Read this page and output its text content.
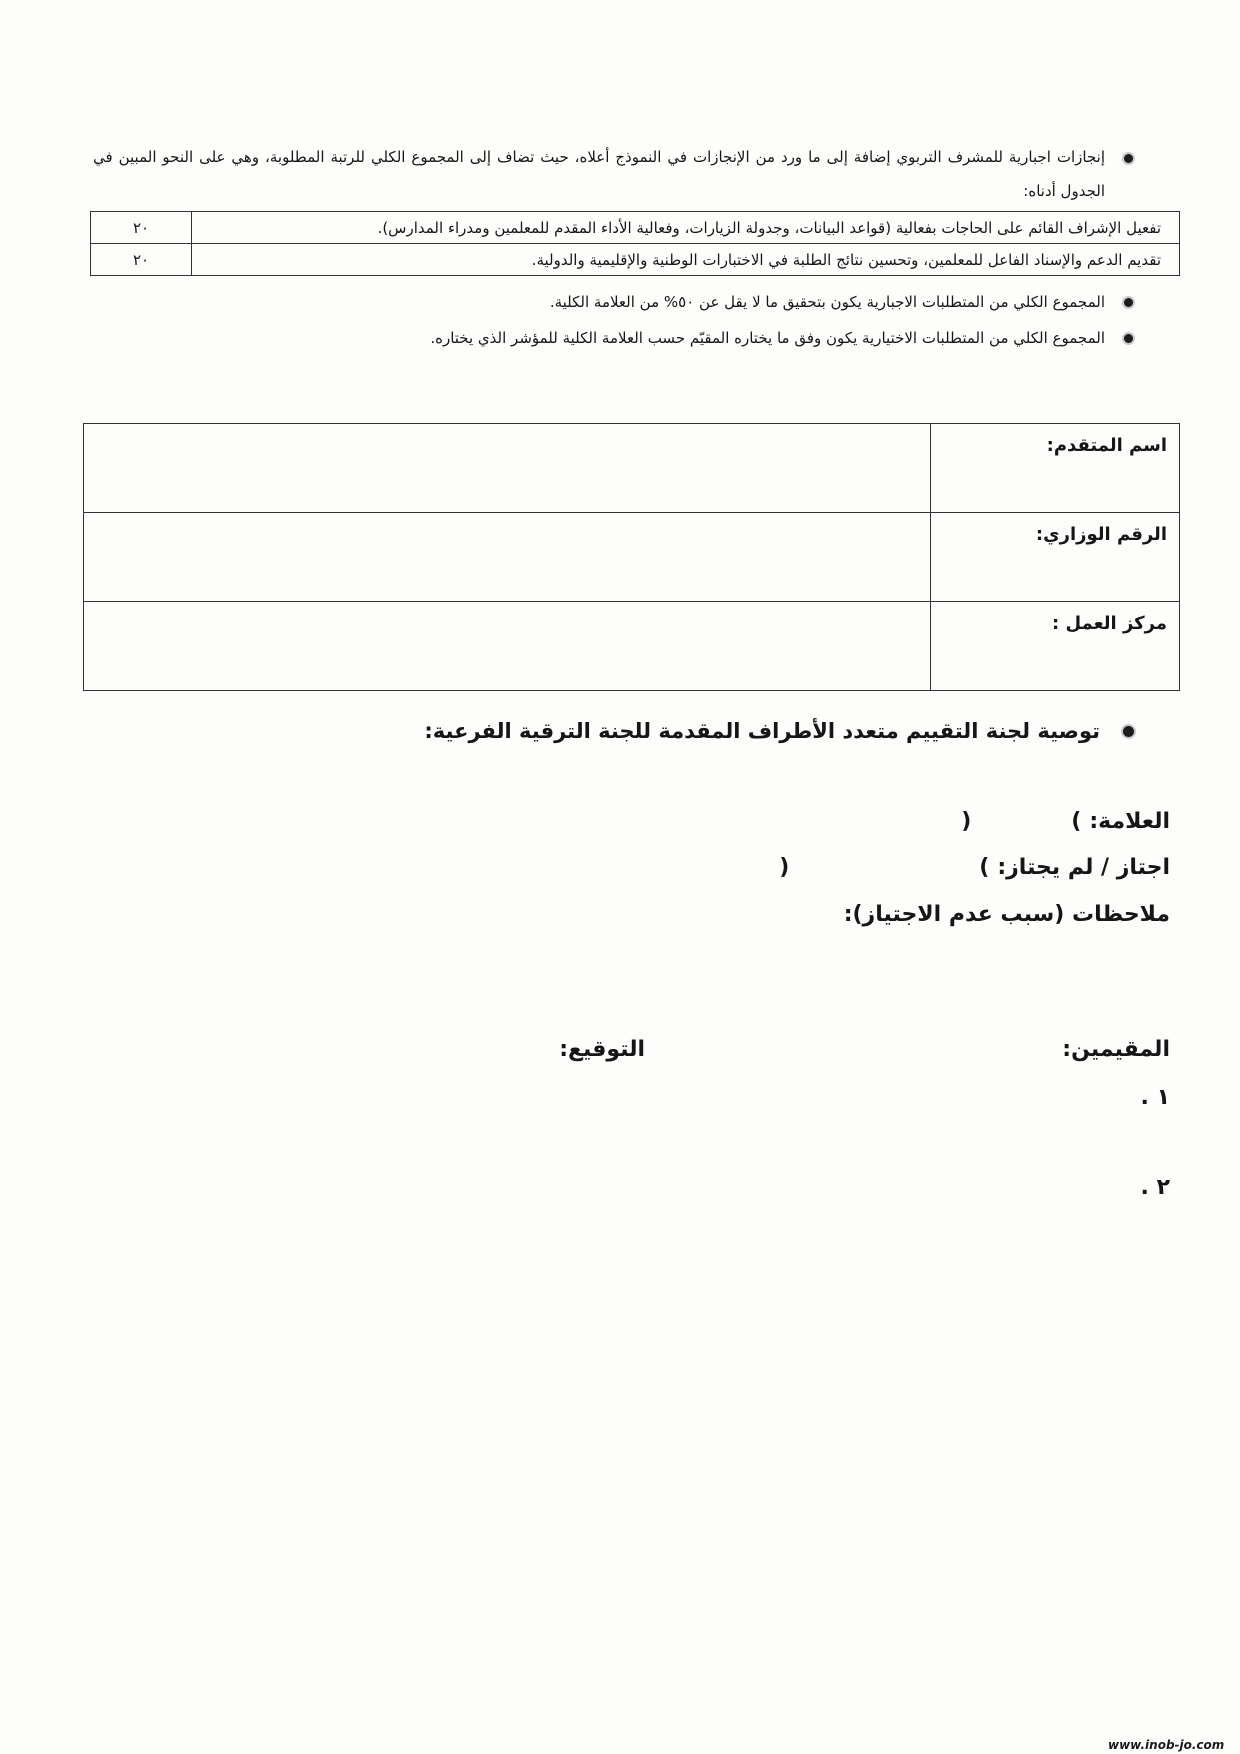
إنجازات اجبارية للمشرف التربوي إضافة إلى ما ورد من الإنجازات في النموذج أعلاه، حيث تضاف إلى المجموع الكلي للرتبة المطلوبة، وهي على النحو المبين في الجدول أدناه:

تفعيل الإشراف القائم على الحاجات بفعالية (قواعد البيانات، وجدولة الزيارات، وفعالية الأداء المقدم للمعلمين ومدراء المدارس).	٢٠
تقديم الدعم والإسناد الفاعل للمعلمين، وتحسين نتائج الطلبة في الاختبارات الوطنية والإقليمية والدولية.	٢٠

المجموع الكلي من المتطلبات الاجبارية يكون بتحقيق ما لا يقل عن ٥٠% من العلامة الكلية.

المجموع الكلي من المتطلبات الاختيارية يكون وفق ما يختاره المقيّم حسب العلامة الكلية للمؤشر الذي يختاره.

اسم المتقدم:	
الرقم الوزاري:	
مركز العمل :	

توصية لجنة التقييم متعدد الأطراف المقدمة للجنة الترقية الفرعية:

العلامة:
(
)
اجتاز / لم يجتاز:
(
)

ملاحظات (سبب عدم الاجتياز):

المقيمين:

التوقيع:

١ .

٢ .

www.inob-jo.com
